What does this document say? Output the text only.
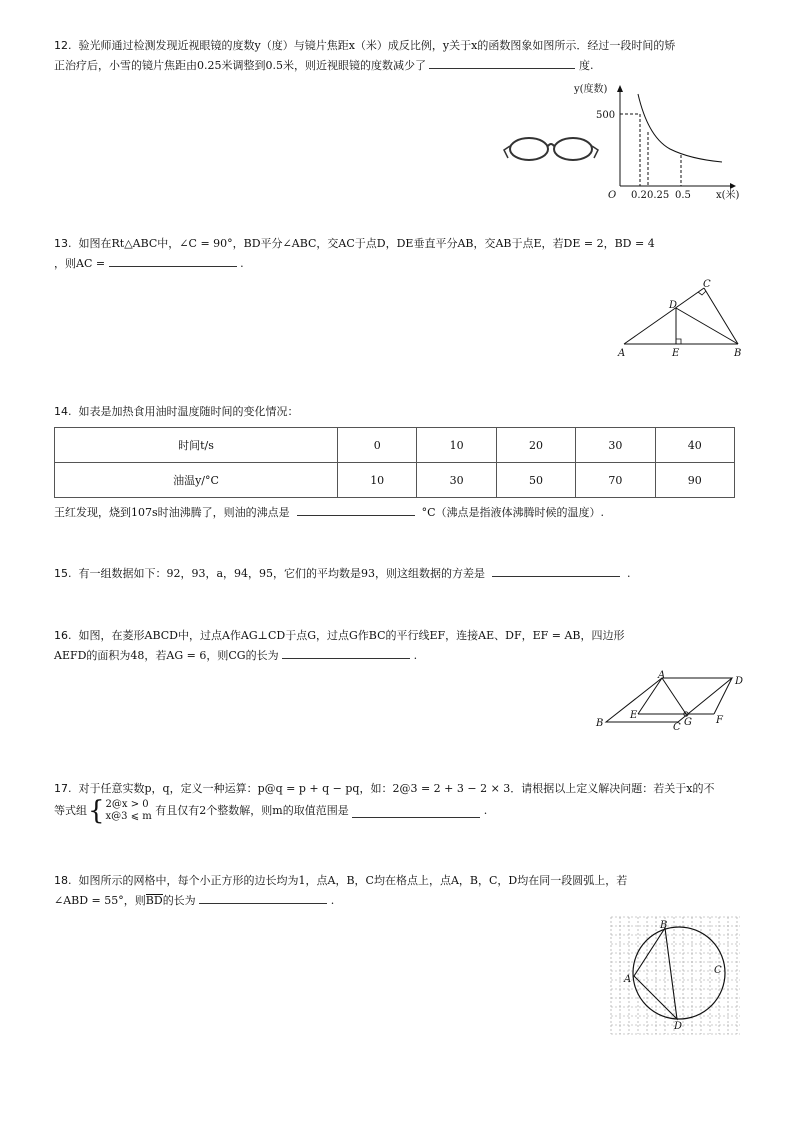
12. 验光师通过检测发现近视眼镜的度数y（度）与镜片焦距x（米）成反比例，y关于x的函数图象如图所示．经过一段时间的矫
正治疗后，小雪的镜片焦距由0.25米调整到0.5米，则近视眼镜的度数减少了	度.
y(度数)
500
O 0.2 0.25 0.5	x(米)
13. 如图在Rt△ABC中，∠C = 90°，BD平分∠ABC，交AC于点D，DE垂直平分AB，交AB于点E，若DE = 2，BD = 4
，则AC =	.
A	B
C
D
E
14. 如表是加热食用油时温度随时间的变化情况：
时间t/s	0	10	20	30	40
油温y/°C	10	30	50	70	90
王红发现，烧到107s时油沸腾了，则油的沸点是	°C（沸点是指液体沸腾时候的温度）.
15. 有一组数据如下：92，93，a，94，95，它们的平均数是93，则这组数据的方差是	.
16. 如图，在菱形ABCD中，过点A作AG⊥CD于点G，过点G作BC的平行线EF，连接AE、DF，EF = AB，四边形
AEFD的面积为48，若AG = 6，则CG的长为	.
B
A
D
E	F
G
C
17. 对于任意实数p，q，定义一种运算：p@q = p + q − pq，如：2@3 = 2 + 3 − 2 × 3．请根据以上定义解决问题：若关于x的不
等式组 { 2@x > 0
x@3 ⩽ m
有且仅有2个整数解，则m的取值范围是

	.
18. 如图所示的网格中，每个小正方形的边长均为1，点A，B，C均在格点上，点A，B，C，D均在同一段圆弧上，若
∠ABD = 55°，则BD的长为	.
A
B
C
D
